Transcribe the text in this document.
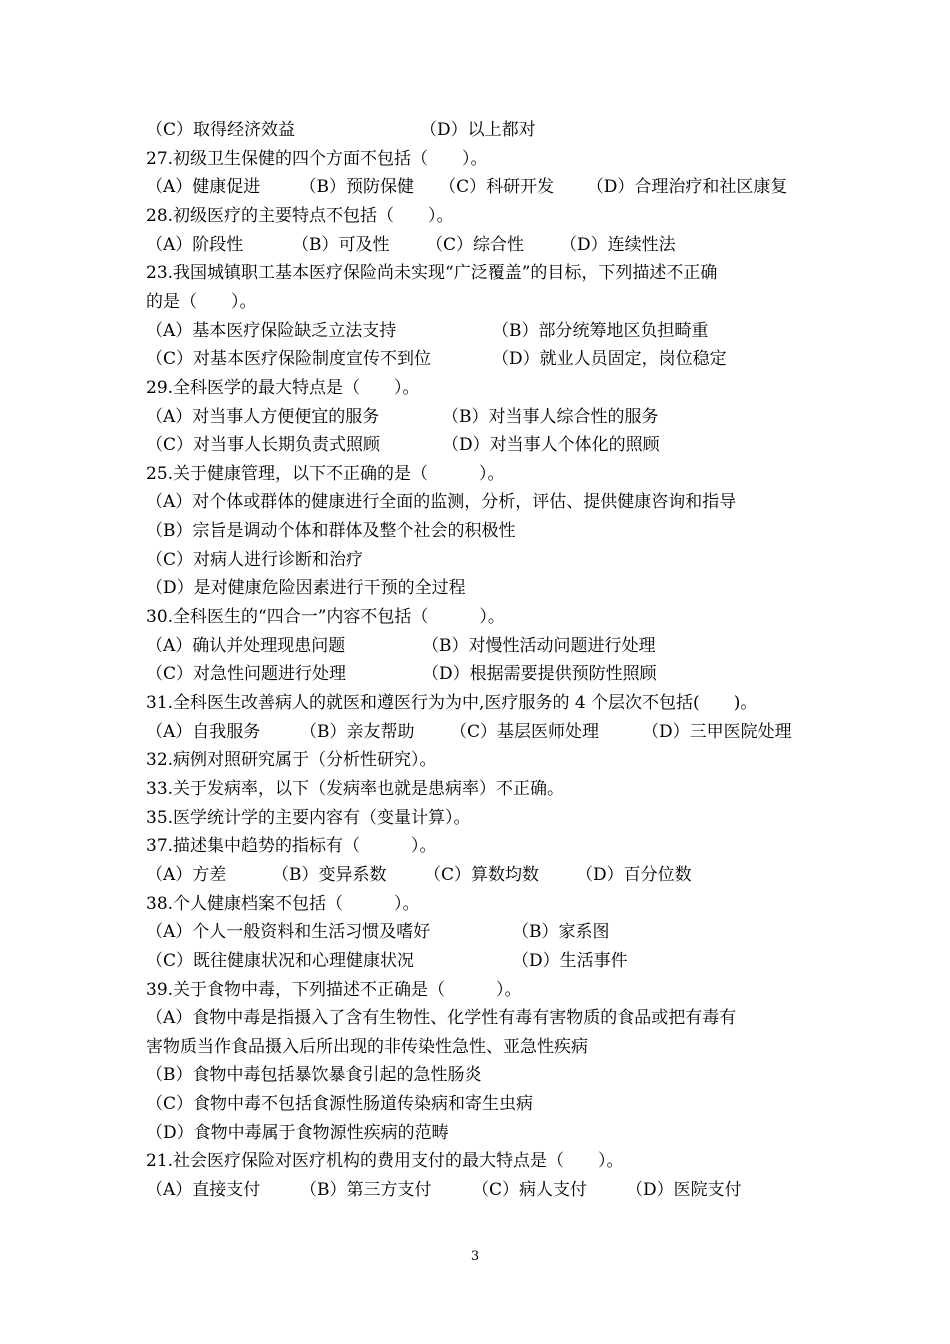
（C）取得经济效益	（D）以上都对
27.初级卫生保健的四个方面不包括（　　）。
（A）健康促进	（B）预防保健	（C）科研开发	（D）合理治疗和社区康复
28.初级医疗的主要特点不包括（　　）。
（A）阶段性	（B）可及性	（C）综合性	（D）连续性法
23.我国城镇职工基本医疗保险尚未实现“广泛覆盖”的目标，下列描述不正确
的是（　　）。
（A）基本医疗保险缺乏立法支持	（B）部分统筹地区负担畸重
（C）对基本医疗保险制度宣传不到位	（D）就业人员固定，岗位稳定
29.全科医学的最大特点是（　　）。
（A）对当事人方便便宜的服务	（B）对当事人综合性的服务
（C）对当事人长期负责式照顾	（D）对当事人个体化的照顾
25.关于健康管理，以下不正确的是（　　　）。
（A）对个体或群体的健康进行全面的监测，分析，评估、提供健康咨询和指导
（B）宗旨是调动个体和群体及整个社会的积极性
（C）对病人进行诊断和治疗
（D）是对健康危险因素进行干预的全过程
30.全科医生的“四合一”内容不包括（　　　）。
（A）确认并处理现患问题	（B）对慢性活动问题进行处理
（C）对急性问题进行处理	（D）根据需要提供预防性照顾
31.全科医生改善病人的就医和遵医行为为中,医疗服务的 4 个层次不包括(　　)。
（A）自我服务	（B）亲友帮助	（C）基层医师处理	（D）三甲医院处理
32.病例对照研究属于（分析性研究）。
33.关于发病率，以下（发病率也就是患病率）不正确。
35.医学统计学的主要内容有（变量计算）。
37.描述集中趋势的指标有（　　　）。
（A）方差	（B）变异系数	（C）算数均数	（D）百分位数
38.个人健康档案不包括（　　　）。
（A）个人一般资料和生活习惯及嗜好	（B）家系图
（C）既往健康状况和心理健康状况	（D）生活事件
39.关于食物中毒，下列描述不正确是（　　　）。
（A）食物中毒是指摄入了含有生物性、化学性有毒有害物质的食品或把有毒有
害物质当作食品摄入后所出现的非传染性急性、亚急性疾病
（B）食物中毒包括暴饮暴食引起的急性肠炎
（C）食物中毒不包括食源性肠道传染病和寄生虫病
（D）食物中毒属于食物源性疾病的范畴
21.社会医疗保险对医疗机构的费用支付的最大特点是（　　）。
（A）直接支付	（B）第三方支付	（C）病人支付	（D）医院支付
3
